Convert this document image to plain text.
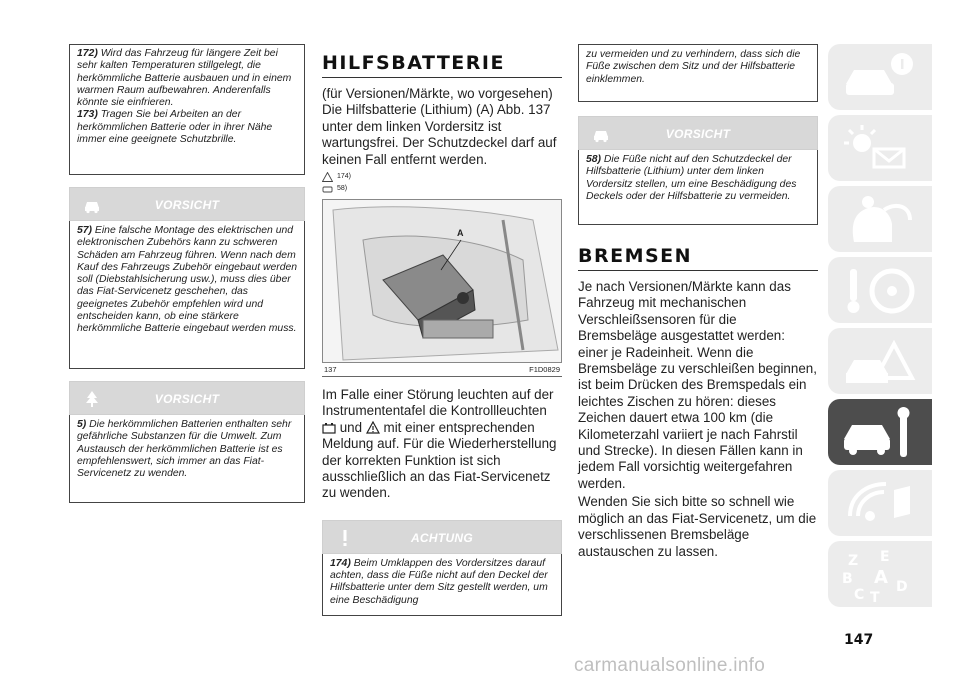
172) Wird das Fahrzeug für längere Zeit bei sehr kalten Temperaturen stillgelegt, die herkömmliche Batterie ausbauen und in einem warmen Raum aufbewahren. Anderenfalls könnte sie einfrieren.

173) Tragen Sie bei Arbeiten an der herkömmlichen Batterie oder in ihrer Nähe immer eine geeignete Schutzbrille.

VORSICHT
57) Eine falsche Montage des elektrischen und elektronischen Zubehörs kann zu schweren Schäden am Fahrzeug führen. Wenn nach dem Kauf des Fahrzeugs Zubehör eingebaut werden soll (Diebstahlsicherung usw.), muss dies über das Fiat-Servicenetz geschehen, das geeignetes Zubehör empfehlen wird und entscheiden kann, ob eine stärkere herkömmliche Batterie eingebaut werden muss.
VORSICHT
5) Die herkömmlichen Batterien enthalten sehr gefährliche Substanzen für die Umwelt. Zum Austausch der herkömmlichen Batterie ist es empfehlenswert, sich immer an das Fiat-Servicenetz zu wenden.
HILFSBATTERIE
(für Versionen/Märkte, wo vorgesehen) Die Hilfsbatterie (Lithium) (A) Abb. 137 unter dem linken Vordersitz ist wartungsfrei. Der Schutzdeckel darf auf keinen Fall entfernt werden.
174)
58)
A
137	F1D0829
Im Falle einer Störung leuchten auf der Instrumententafel die Kontrollleuchten
und mit einer entsprechenden Meldung auf. Für die Wiederherstellung der korrekten Funktion ist sich ausschließlich an das Fiat-Servicenetz zu wenden.
ACHTUNG
174) Beim Umklappen des Vordersitzes darauf achten, dass die Füße nicht auf den Deckel der Hilfsbatterie unter dem Sitz gestellt werden, um eine Beschädigung
zu vermeiden und zu verhindern, dass sich die Füße zwischen dem Sitz und der Hilfsbatterie einklemmen.
VORSICHT
58) Die Füße nicht auf den Schutzdeckel der Hilfsbatterie (Lithium) unter dem linken Vordersitz stellen, um eine Beschädigung des Deckels oder der Hilfsbatterie zu vermeiden.
BREMSEN
Je nach Versionen/Märkte kann das Fahrzeug mit mechanischen Verschleißsensoren für die Bremsbeläge ausgestattet werden: einer je Radeinheit. Wenn die Bremsbeläge zu verschleißen beginnen, ist beim Drücken des Bremspedals ein leichtes Zischen zu hören: dieses Zeichen dauert etwa 100 km (die Kilometerzahl variiert je nach Fahrstil und Strecke). In diesen Fällen kann in jedem Fall vorsichtig weitergefahren werden.
Wenden Sie sich bitte so schnell wie möglich an das Fiat-Servicenetz, um die verschlissenen Bremsbeläge austauschen zu lassen.
Z E
B A
C T
D
147
carmanualsonline.info
